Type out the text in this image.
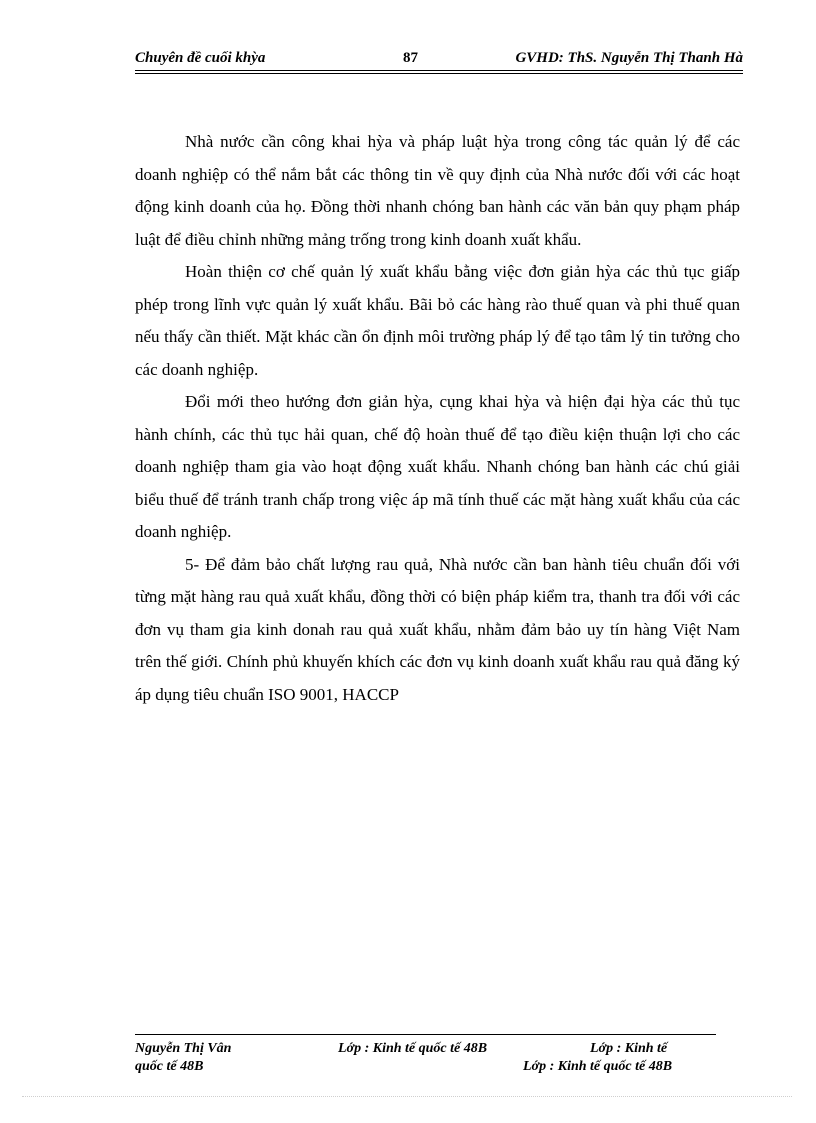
Chuyên đề cuối khỳa	87	GVHD: ThS. Nguyễn Thị Thanh Hà

Nhà nước cần công khai hỳa và pháp luật hỳa trong công tác quản lý để các doanh nghiệp có thể nắm bắt các thông tin về quy định của Nhà nước đối với các hoạt động kinh doanh của họ. Đồng thời nhanh chóng ban hành các văn bản quy phạm pháp luật để điều chỉnh những mảng trống trong kinh doanh xuất khẩu.

Hoàn thiện cơ chế quản lý xuất khẩu bằng việc đơn giản hỳa các thủ tục giấp phép trong lĩnh vực quản lý xuất khẩu. Bãi bỏ các hàng rào thuế quan và phi thuế quan nếu thấy cần thiết. Mặt khác cần ổn định môi trường pháp lý để tạo tâm lý tin tưởng cho các doanh nghiệp.

Đổi mới theo hướng đơn giản hỳa, cụng khai hỳa và hiện đại hỳa các thủ tục hành chính, các thủ tục hải quan, chế độ hoàn thuế để tạo điều kiện thuận lợi cho các doanh nghiệp tham gia vào hoạt động xuất khẩu. Nhanh chóng ban hành các chú giải biểu thuế để tránh tranh chấp trong việc áp mã tính thuế các mặt hàng xuất khẩu của các doanh nghiệp.

5- Để đảm bảo chất lượng rau quả, Nhà nước cần ban hành tiêu chuẩn đối với từng mặt hàng rau quả xuất khẩu, đồng thời có biện pháp kiểm tra, thanh tra đối với các đơn vụ tham gia kinh donah rau quả xuất khẩu, nhằm đảm bảo uy tín hàng Việt Nam trên thế giới. Chính phủ khuyến khích các đơn vụ kinh doanh xuất khẩu rau quả đăng ký áp dụng tiêu chuẩn ISO 9001, HACCP

Nguyễn Thị Vân	Lớp : Kinh tế quốc tế 48B	Lớp : Kinh tế
quốc tế 48B	Lớp : Kinh tế quốc tế 48B
